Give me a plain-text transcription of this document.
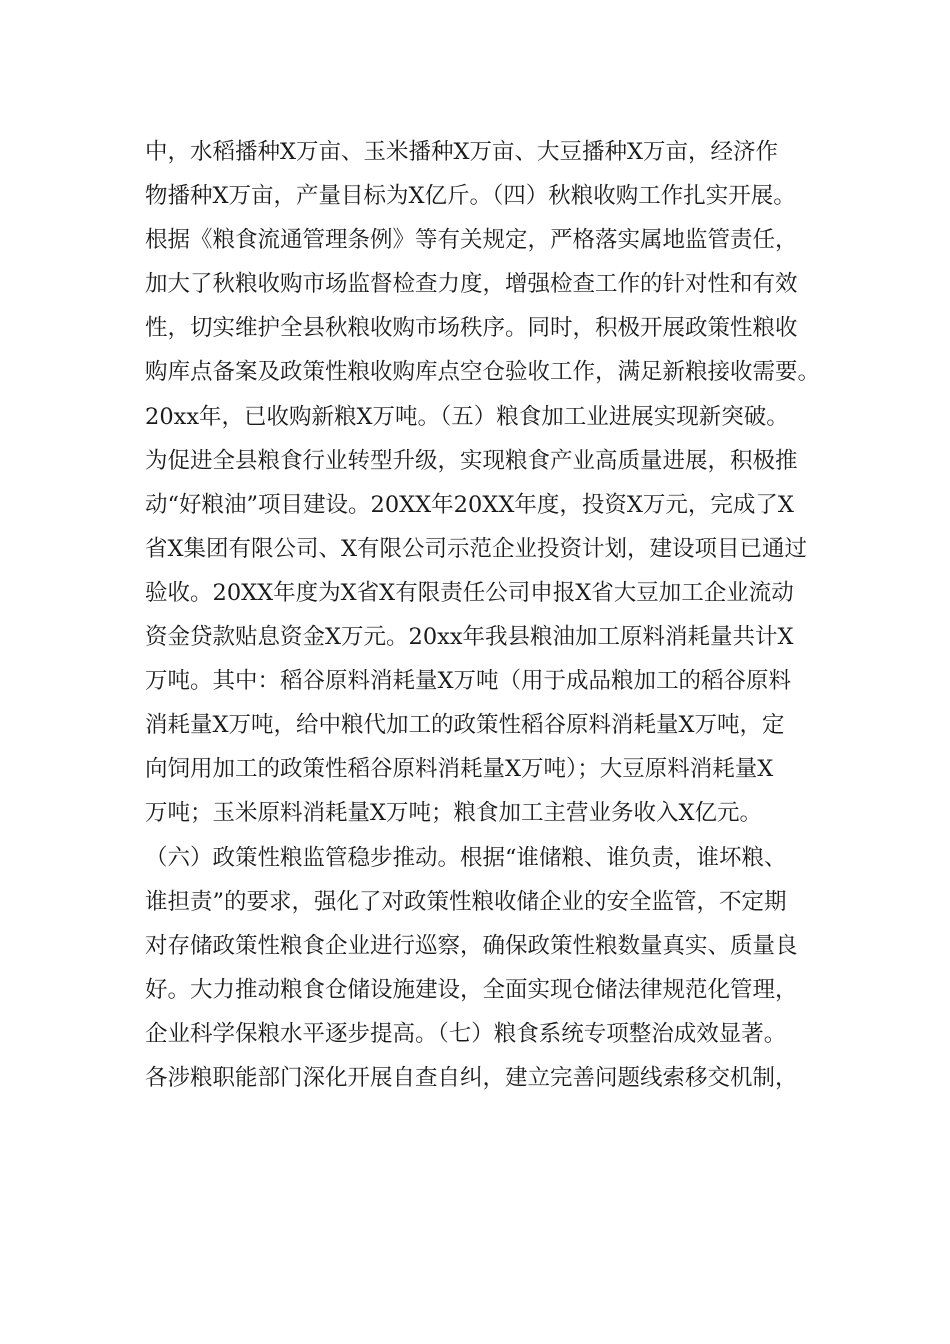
中，水稻播种X万亩、玉米播种X万亩、大豆播种X万亩，经济作
物播种X万亩，产量目标为X亿斤。（四）秋粮收购工作扎实开展。
根据《粮食流通管理条例》等有关规定，严格落实属地监管责任，
加大了秋粮收购市场监督检查力度，增强检查工作的针对性和有效
性，切实维护全县秋粮收购市场秩序。同时，积极开展政策性粮收
购库点备案及政策性粮收购库点空仓验收工作，满足新粮接收需要。
20xx年，已收购新粮X万吨。（五）粮食加工业进展实现新突破。
为促进全县粮食行业转型升级，实现粮食产业高质量进展，积极推
动“好粮油”项目建设。20XX年20XX年度，投资X万元，完成了X
省X集团有限公司、X有限公司示范企业投资计划，建设项目已通过
验收。20XX年度为X省X有限责任公司申报X省大豆加工企业流动
资金贷款贴息资金X万元。20xx年我县粮油加工原料消耗量共计X
万吨。其中：稻谷原料消耗量X万吨（用于成品粮加工的稻谷原料
消耗量X万吨，给中粮代加工的政策性稻谷原料消耗量X万吨，定
向饲用加工的政策性稻谷原料消耗量X万吨）；大豆原料消耗量X
万吨；玉米原料消耗量X万吨；粮食加工主营业务收入X亿元。
（六）政策性粮监管稳步推动。根据“谁储粮、谁负责，谁坏粮、
谁担责”的要求，强化了对政策性粮收储企业的安全监管，不定期
对存储政策性粮食企业进行巡察，确保政策性粮数量真实、质量良
好。大力推动粮食仓储设施建设，全面实现仓储法律规范化管理，
企业科学保粮水平逐步提高。（七）粮食系统专项整治成效显著。
各涉粮职能部门深化开展自查自纠，建立完善问题线索移交机制，
